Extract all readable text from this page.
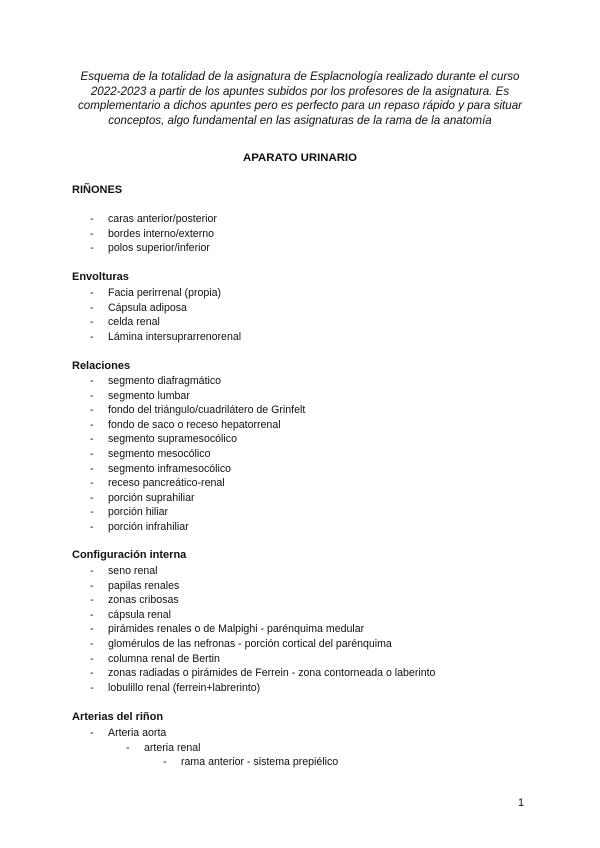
Esquema de la totalidad de la asignatura de Esplacnología realizado durante el curso 2022-2023 a partir de los apuntes subidos por los profesores de la asignatura. Es complementario a dichos apuntes pero es perfecto para un repaso rápido y para situar conceptos, algo fundamental en las asignaturas de la rama de la anatomía
APARATO URINARIO
RIÑONES
- caras anterior/posterior
- bordes interno/externo
- polos superior/inferior
Envolturas
- Facia perirrenal (propia)
- Cápsula adiposa
- celda renal
- Lámina intersuprarrenorenal
Relaciones
- segmento diafragmático
- segmento lumbar
- fondo del triángulo/cuadrilátero de Grinfelt
- fondo de saco o receso hepatorrenal
- segmento supramesocólico
- segmento mesocólico
- segmento inframesocólico
- receso pancreático-renal
- porción suprahiliar
- porción hiliar
- porción infrahiliar
Configuración interna
- seno renal
- papilas renales
- zonas cribosas
- cápsula renal
- pirámides renales o de Malpighi - parénquima medular
- glomérulos de las nefronas - porción cortical del parénquima
- columna renal de Bertin
- zonas radiadas o pirámides de Ferrein - zona contorneada o laberinto
- lobulillo renal (ferrein+labrerinto)
Arterias del riñon
- Arteria aorta
- arteria renal
- rama anterior - sistema prepiélico
1
